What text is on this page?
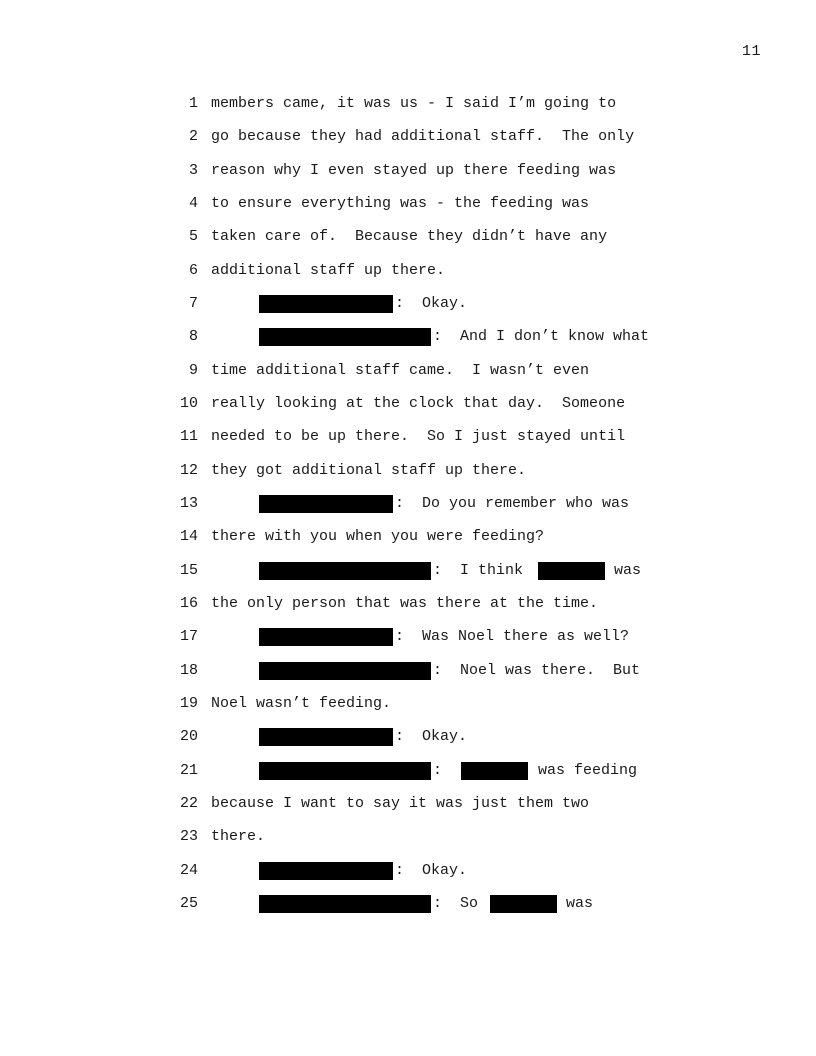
11
1 members came, it was us - I said I’m going to
2 go because they had additional staff.  The only
3 reason why I even stayed up there feeding was
4 to ensure everything was - the feeding was
5 taken care of.  Because they didn’t have any
6 additional staff up there.
7	:  Okay.
8	:  And I don’t know what
9 time additional staff came.  I wasn’t even
10 really looking at the clock that day.  Someone
11 needed to be up there.  So I just stayed until
12 they got additional staff up there.
13	:  Do you remember who was
14 there with you when you were feeding?
15	:  I think	was
16 the only person that was there at the time.
17	:  Was Noel there as well?
18	:  Noel was there.  But
19 Noel wasn’t feeding.
20	:  Okay.
21	:	was feeding
22 because I want to say it was just them two
23 there.
24	:  Okay.
25	:  So	was
